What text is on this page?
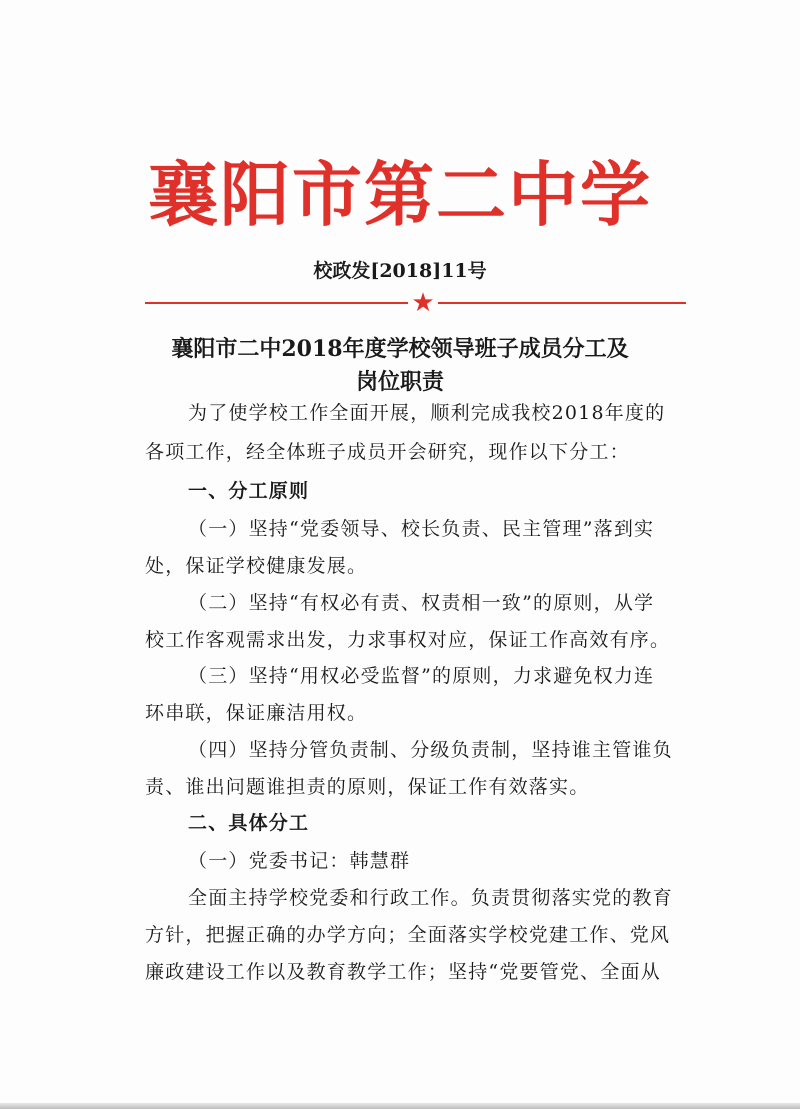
襄阳市第二中学
校政发[2018]11号
★
襄阳市二中2018年度学校领导班子成员分工及
岗位职责
为了使学校工作全面开展，顺利完成我校2018年度的
各项工作，经全体班子成员开会研究，现作以下分工：
一、分工原则
（一）坚持“党委领导、校长负责、民主管理”落到实
处，保证学校健康发展。
（二）坚持“有权必有责、权责相一致”的原则，从学
校工作客观需求出发，力求事权对应，保证工作高效有序。
（三）坚持“用权必受监督”的原则，力求避免权力连
环串联，保证廉洁用权。
（四）坚持分管负责制、分级负责制，坚持谁主管谁负
责、谁出问题谁担责的原则，保证工作有效落实。
二、具体分工
（一）党委书记：韩慧群
全面主持学校党委和行政工作。负责贯彻落实党的教育
方针，把握正确的办学方向；全面落实学校党建工作、党风
廉政建设工作以及教育教学工作；坚持“党要管党、全面从
